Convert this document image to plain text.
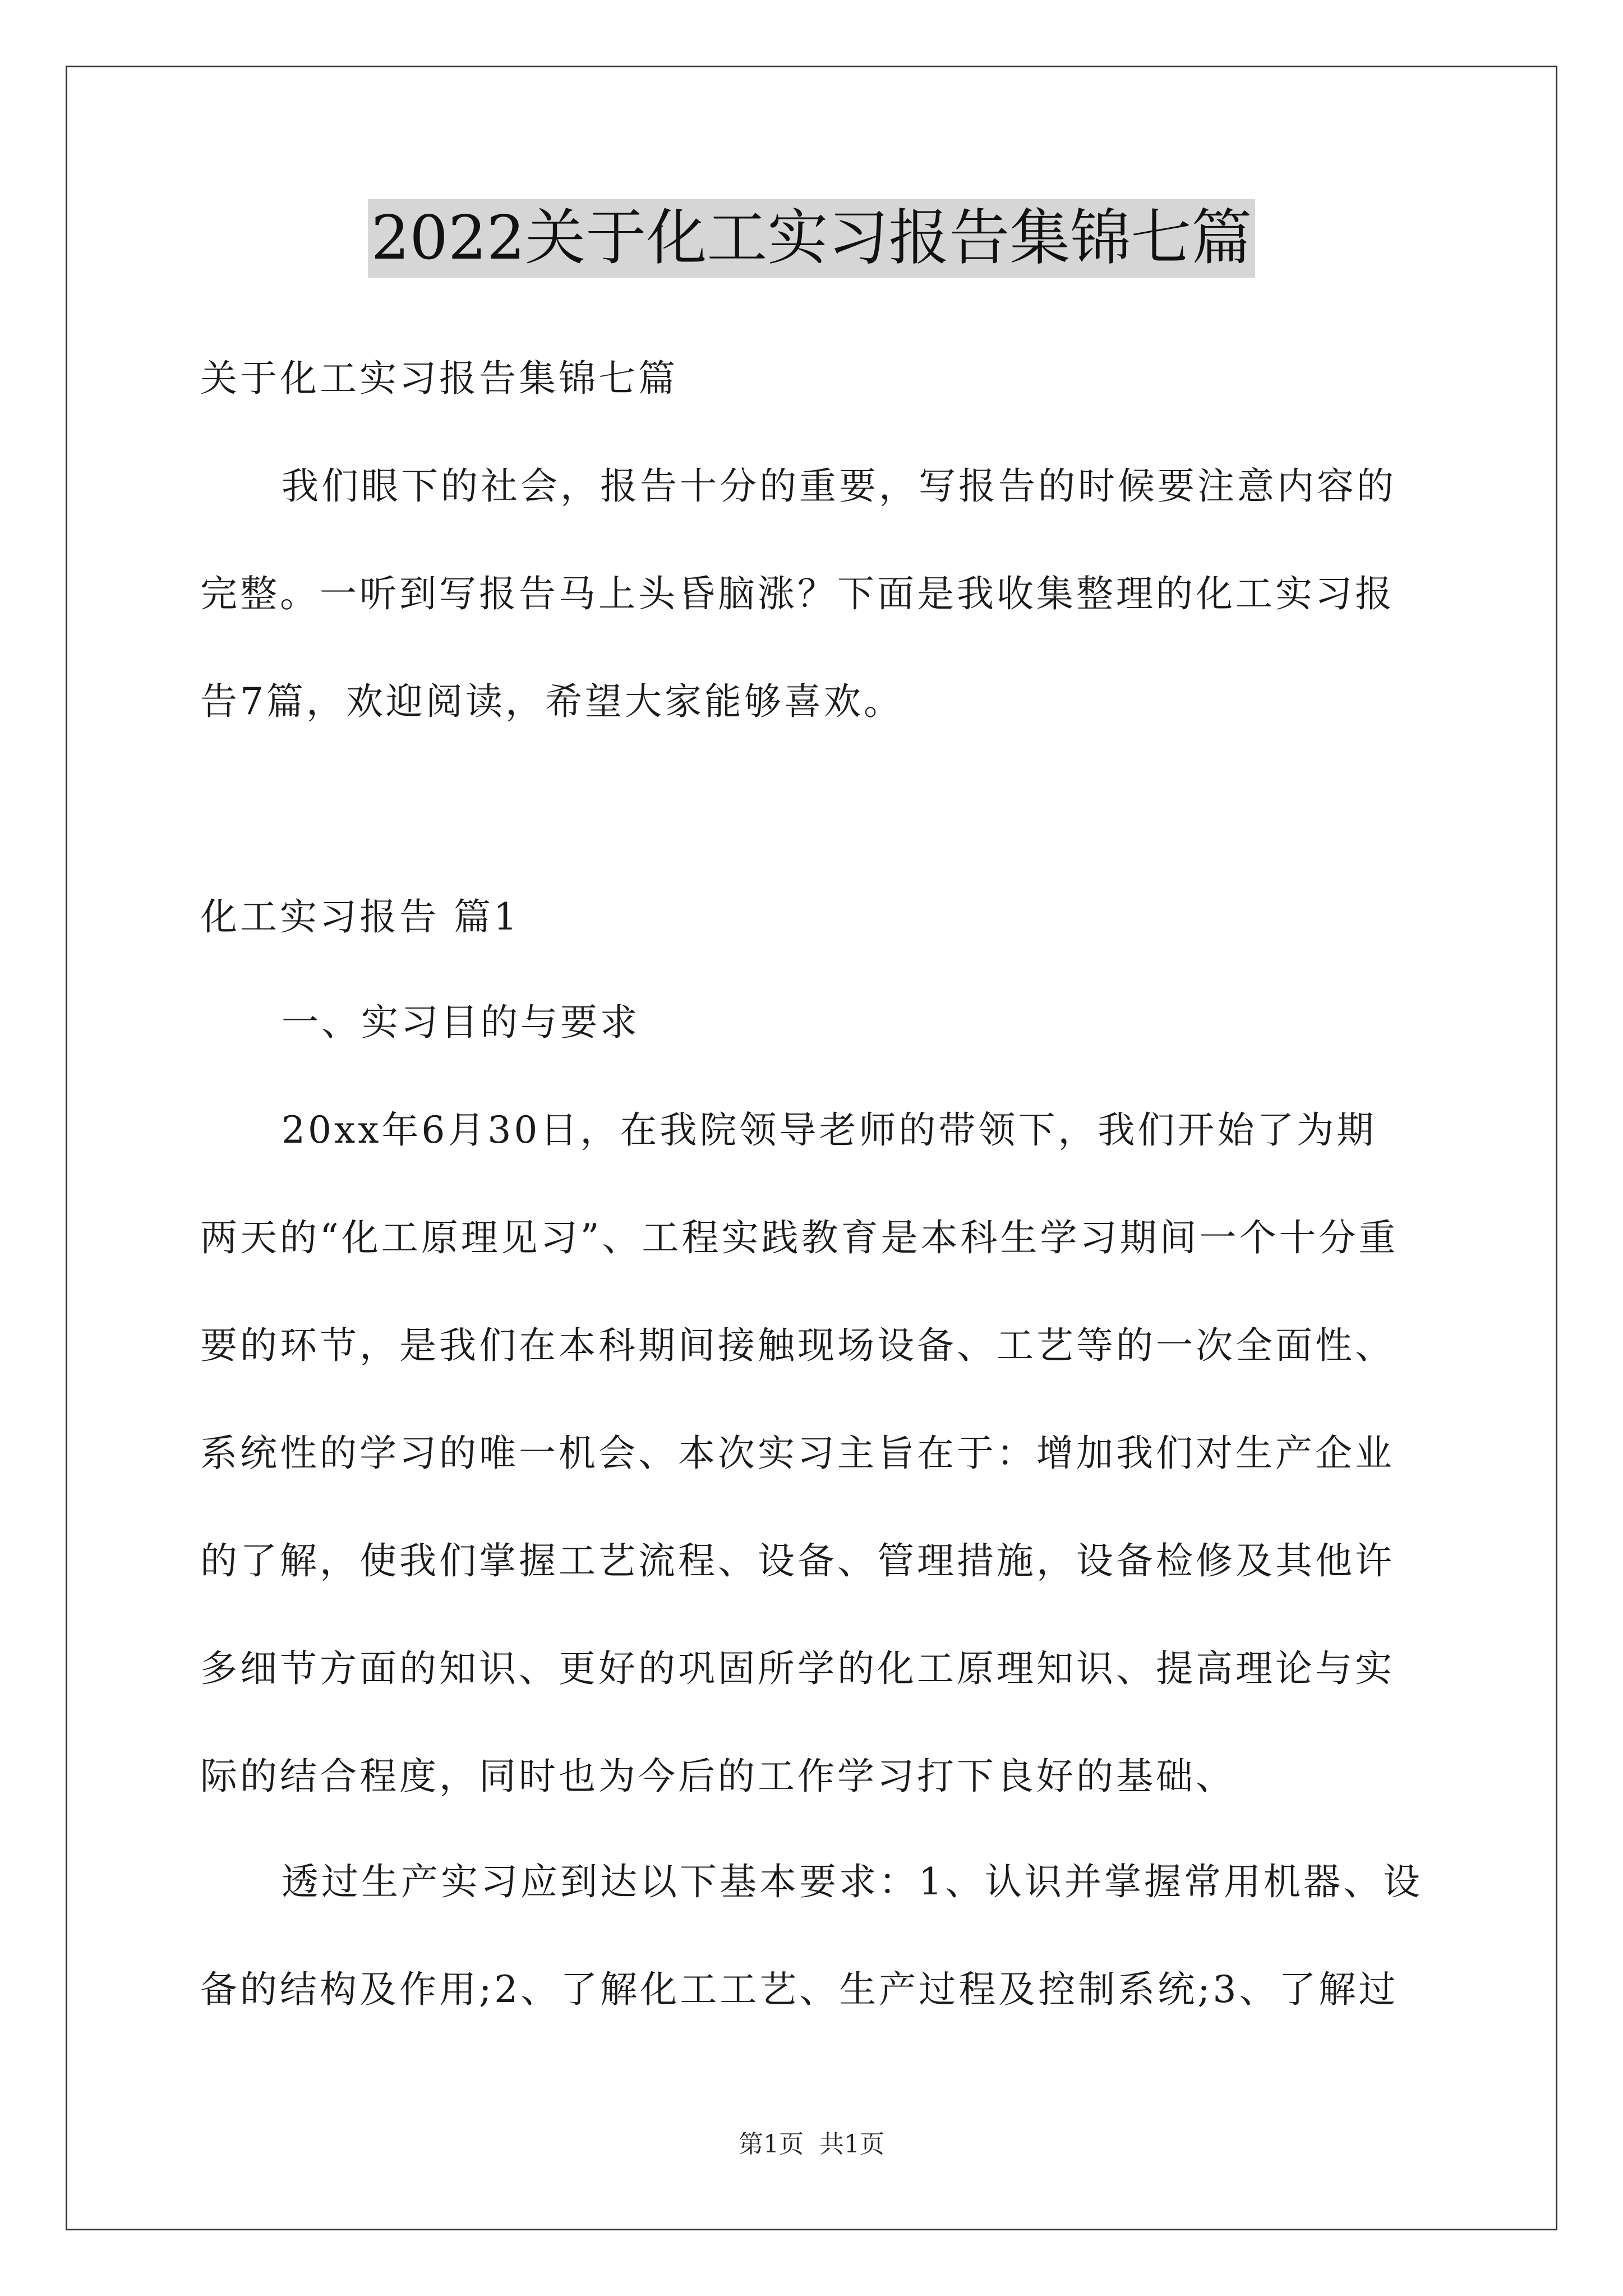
2022关于化工实习报告集锦七篇
关于化工实习报告集锦七篇
我们眼下的社会，报告十分的重要，写报告的时候要注意内容的
完整。一听到写报告马上头昏脑涨？下面是我收集整理的化工实习报
告7篇，欢迎阅读，希望大家能够喜欢。
化工实习报告 篇1
一、实习目的与要求
20xx年6月30日，在我院领导老师的带领下，我们开始了为期
两天的“化工原理见习”、工程实践教育是本科生学习期间一个十分重
要的环节，是我们在本科期间接触现场设备、工艺等的一次全面性、
系统性的学习的唯一机会、本次实习主旨在于：增加我们对生产企业
的了解，使我们掌握工艺流程、设备、管理措施，设备检修及其他许
多细节方面的知识、更好的巩固所学的化工原理知识、提高理论与实
际的结合程度，同时也为今后的工作学习打下良好的基础、
透过生产实习应到达以下基本要求：1、认识并掌握常用机器、设
备的结构及作用;2、了解化工工艺、生产过程及控制系统;3、了解过
第1页 共1页
